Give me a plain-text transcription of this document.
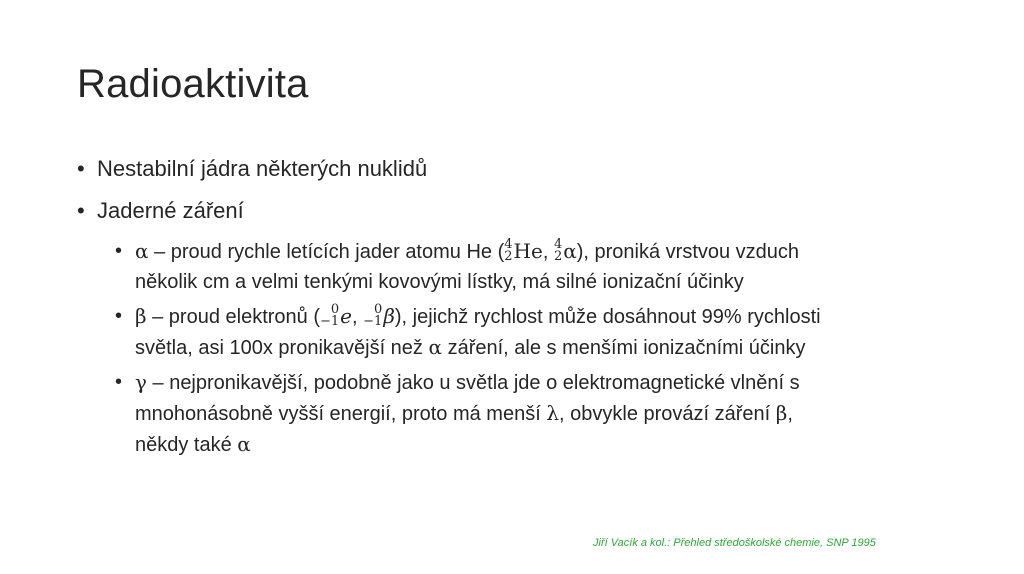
Radioaktivita
• Nestabilní jádra některých nuklidů
• Jaderné záření
• α – proud rychle letících jader atomu He ( 4
2 He, 4
2 α), proniká vrstvou vzduch
několik cm a velmi tenkými kovovými lístky, má silné ionizační účinky
• β – proud elektronů ( 0
−1 e, 0
−1 β), jejichž rychlost může dosáhnout 99% rychlosti
světla, asi 100x pronikavější než α záření, ale s menšími ionizačními účinky
• γ – nejpronikavější, podobně jako u světla jde o elektromagnetické vlnění s
mnohonásobně vyšší energií, proto má menší λ, obvykle provází záření β,
někdy také α
Jiří Vacík a kol.: Přehled středoškolské chemie, SNP 1995
